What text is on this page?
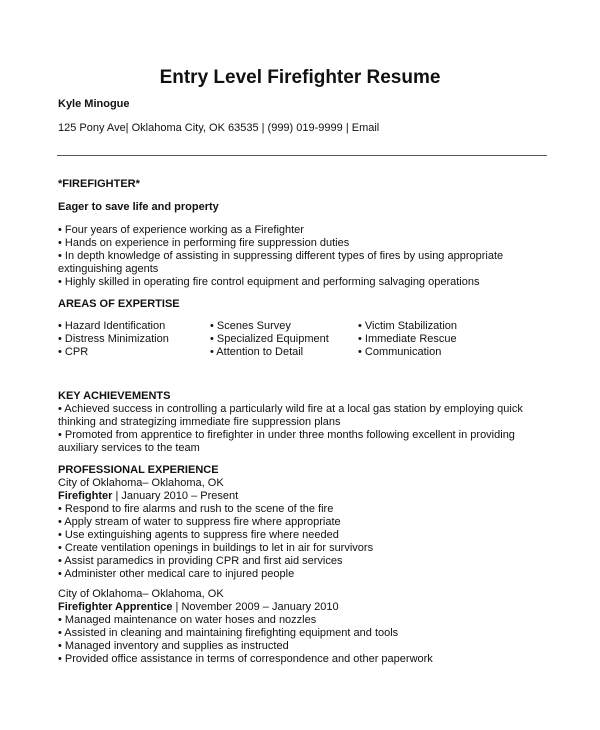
Entry Level Firefighter Resume
Kyle Minogue
125 Pony Ave| Oklahoma City, OK 63535 | (999) 019-9999 | Email
*FIREFIGHTER*
Eager to save life and property
• Four years of experience working as a Firefighter
• Hands on experience in performing fire suppression duties
• In depth knowledge of assisting in suppressing different types of fires by using appropriate
extinguishing agents
• Highly skilled in operating fire control equipment and performing salvaging operations
AREAS OF EXPERTISE
• Hazard Identification
• Distress Minimization
• CPR
• Scenes Survey
• Specialized Equipment
• Attention to Detail
• Victim Stabilization
• Immediate Rescue
• Communication
KEY ACHIEVEMENTS
• Achieved success in controlling a particularly wild fire at a local gas station by employing quick
thinking and strategizing immediate fire suppression plans
• Promoted from apprentice to firefighter in under three months following excellent in providing
auxiliary services to the team
PROFESSIONAL EXPERIENCE
City of Oklahoma– Oklahoma, OK
Firefighter | January 2010 – Present
• Respond to fire alarms and rush to the scene of the fire
• Apply stream of water to suppress fire where appropriate
• Use extinguishing agents to suppress fire where needed
• Create ventilation openings in buildings to let in air for survivors
• Assist paramedics in providing CPR and first aid services
• Administer other medical care to injured people
City of Oklahoma– Oklahoma, OK
Firefighter Apprentice | November 2009 – January 2010
• Managed maintenance on water hoses and nozzles
• Assisted in cleaning and maintaining firefighting equipment and tools
• Managed inventory and supplies as instructed
• Provided office assistance in terms of correspondence and other paperwork
